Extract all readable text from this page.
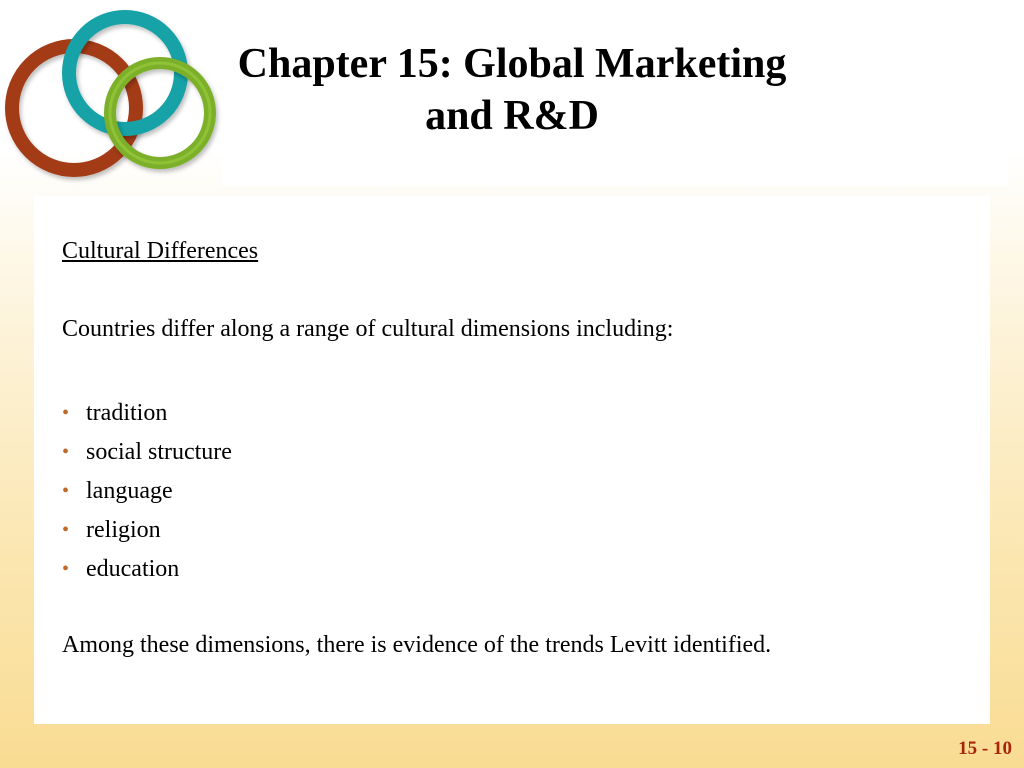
Chapter 15: Global Marketing
and R&D
Cultural Differences
Countries differ along a range of cultural dimensions including:
• tradition
• social structure
• language
• religion
• education
Among these dimensions, there is evidence of the trends Levitt identified.
15 - 10
